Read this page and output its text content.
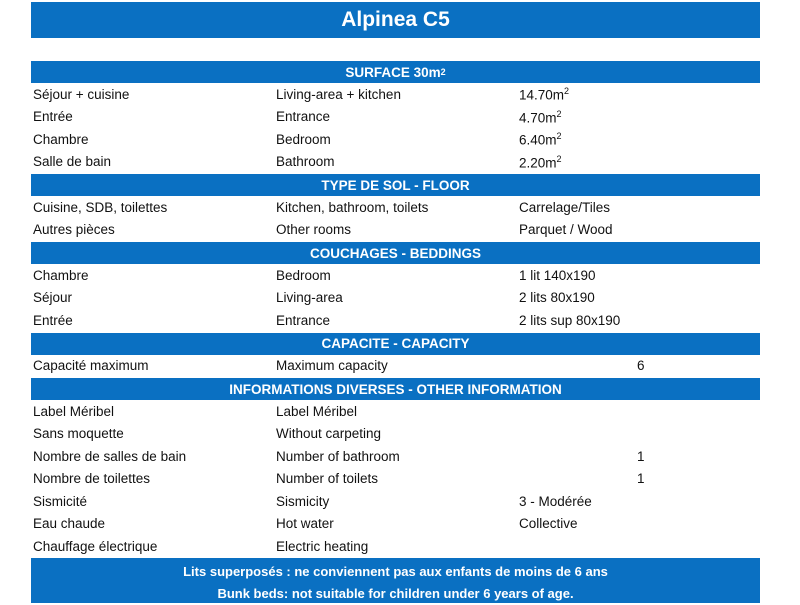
Alpinea C5
SURFACE 30m 2
Séjour + cuisine	Living-area + kitchen	$14.70m^2$
Entrée	Entrance	$4.70m^2$
Chambre	Bedroom	$6.40m^2$
Salle de bain	Bathroom	$2.20m^2$
TYPE DE SOL - FLOOR
Cuisine, SDB, toilettes	Kitchen, bathroom, toilets	Carrelage/Tiles
Autres pièces	Other rooms	Parquet / Wood
COUCHAGES - BEDDINGS
Chambre	Bedroom	1 lit 140x190
Séjour	Living-area	2 lits 80x190
Entrée	Entrance	2 lits sup 80x190
CAPACITE - CAPACITY
Capacité maximum	Maximum capacity	6
INFORMATIONS DIVERSES - OTHER INFORMATION
Label Méribel	Label Méribel
Sans moquette	Without carpeting
Nombre de salles de bain	Number of bathroom	1
Nombre de toilettes	Number of toilets	1
Sismicité	Sismicity	3 - Modérée
Eau chaude	Hot water	Collective
Chauffage électrique	Electric heating
Lits superposés : ne conviennent pas aux enfants de moins de 6 ans
Bunk beds: not suitable for children under 6 years of age.
